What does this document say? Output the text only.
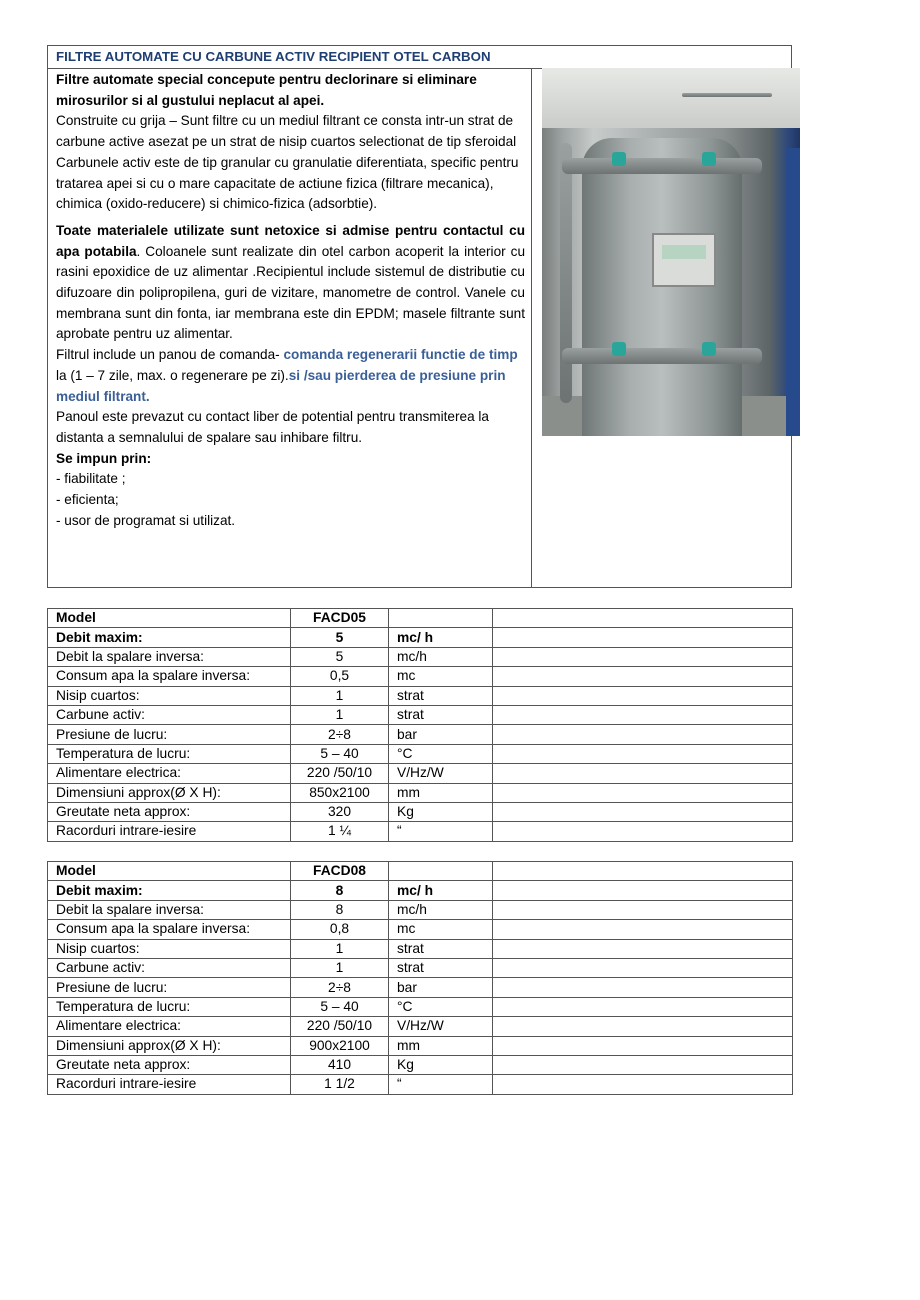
FILTRE AUTOMATE CU CARBUNE ACTIV RECIPIENT OTEL CARBON

Filtre automate special concepute pentru declorinare si eliminare mirosurilor si al gustului neplacut al apei.

Construite cu grija – Sunt filtre cu un mediul filtrant ce consta intr-un strat de carbune active asezat pe un strat de nisip cuartos selectionat de tip sferoidal

Carbunele activ este de tip granular cu granulatie diferentiata, specific pentru tratarea apei si cu o mare capacitate de actiune fizica (filtrare mecanica), chimica (oxido-reducere) si chimico-fizica (adsorbtie).

Toate materialele utilizate sunt netoxice si admise pentru contactul cu apa potabila. Coloanele sunt realizate din otel carbon acoperit la interior cu rasini epoxidice de uz alimentar .Recipientul include sistemul de distributie cu difuzoare din polipropilena, guri de vizitare, manometre de control. Vanele cu membrana sunt din fonta, iar membrana este din EPDM; masele filtrante sunt aprobate pentru uz alimentar.

Filtrul include un panou de comanda- comanda regenerarii functie de timp la (1 – 7 zile, max. o regenerare pe zi).si /sau pierderea de presiune prin mediul filtrant.

Panoul este prevazut cu contact liber de potential pentru transmiterea la distanta a semnalului de spalare sau inhibare filtru.

Se impun prin:

- fiabilitate ;

- eficienta;

- usor de programat si utilizat.

Model	FACD05		
Debit maxim:	5	mc/ h	
Debit la spalare inversa:	5	mc/h	
Consum apa la spalare inversa:	0,5	mc	
Nisip cuartos:	1	strat	
Carbune activ:	1	strat	
Presiune de lucru:	2÷8	bar	
Temperatura de lucru:	5 – 40	°C	
Alimentare electrica:	220 /50/10	V/Hz/W	
Dimensiuni approx(Ø X H):	850x2100	mm	
Greutate neta approx:	320	Kg	
Racorduri intrare-iesire	1 ¼	“	
Model	FACD08		
Debit maxim:	8	mc/ h	
Debit la spalare inversa:	8	mc/h	
Consum apa la spalare inversa:	0,8	mc	
Nisip cuartos:	1	strat	
Carbune activ:	1	strat	
Presiune de lucru:	2÷8	bar	
Temperatura de lucru:	5 – 40	°C	
Alimentare electrica:	220 /50/10	V/Hz/W	
Dimensiuni approx(Ø X H):	900x2100	mm	
Greutate neta approx:	410	Kg	
Racorduri intrare-iesire	1 1/2	“	
